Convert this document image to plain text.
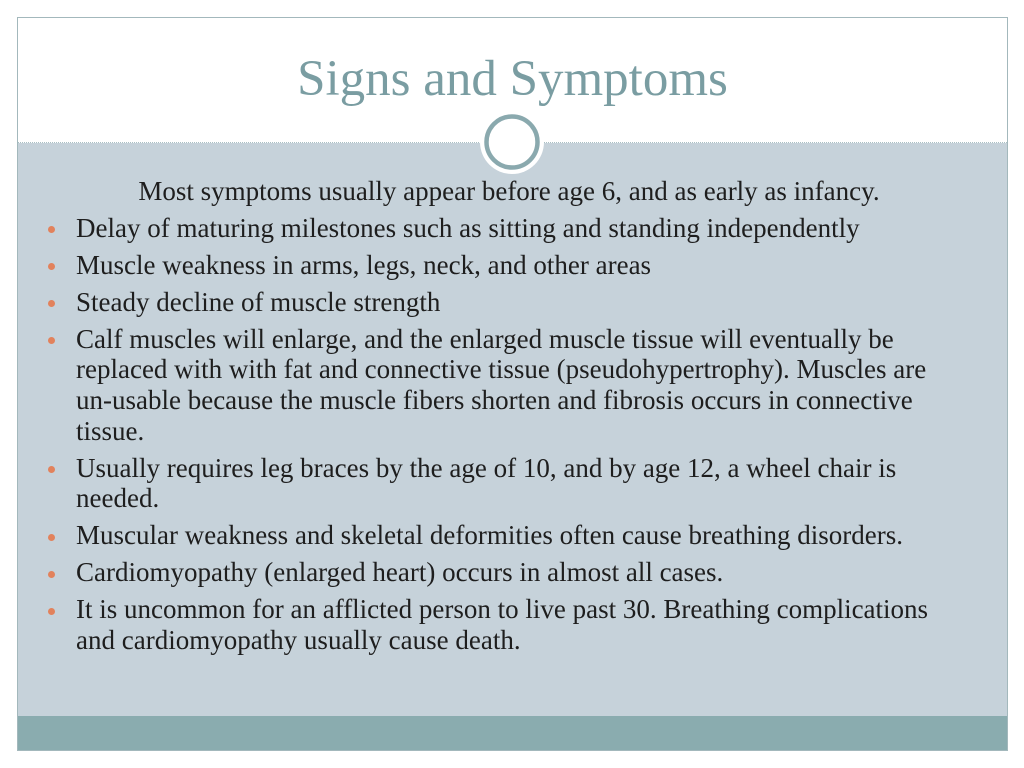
Signs and Symptoms

Most symptoms usually appear before age 6, and as early as infancy.

Delay of maturing milestones such as sitting and standing independently
Muscle weakness in arms, legs, neck, and other areas
Steady decline of muscle strength
Calf muscles will enlarge, and the enlarged muscle tissue will eventually be replaced with with fat and connective tissue (pseudohypertrophy). Muscles are un-usable because the muscle fibers shorten and fibrosis occurs in connective tissue.
Usually requires leg braces by the age of 10, and by age 12, a wheel chair is needed.
Muscular weakness and skeletal deformities often cause breathing disorders.
Cardiomyopathy (enlarged heart) occurs in almost all cases.
It is uncommon for an afflicted person to live past 30. Breathing complications and cardiomyopathy usually cause death.
